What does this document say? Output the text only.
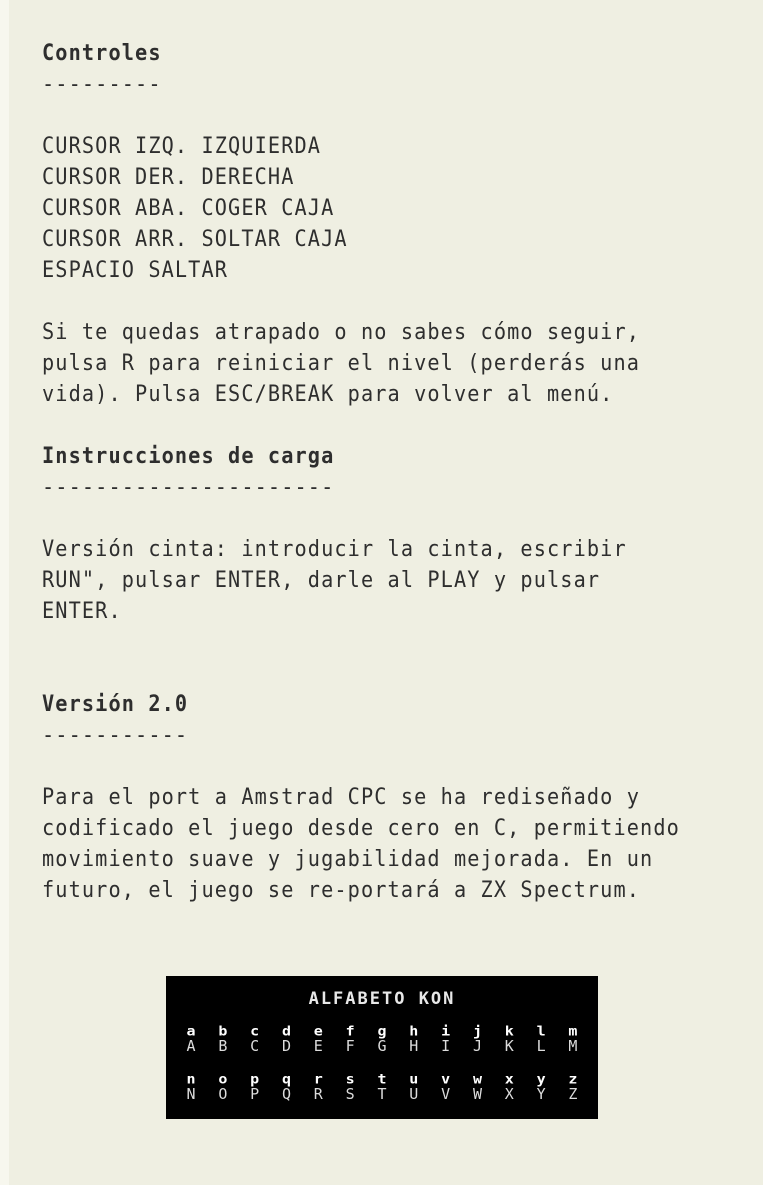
Controles
---------
CURSOR IZQ. IZQUIERDA
CURSOR DER. DERECHA
CURSOR ABA. COGER CAJA
CURSOR ARR. SOLTAR CAJA
ESPACIO SALTAR
Si te quedas atrapado o no sabes cómo seguir,
pulsa R para reiniciar el nivel (perderás una
vida). Pulsa ESC/BREAK para volver al menú.
Instrucciones de carga
----------------------
Versión cinta: introducir la cinta, escribir
RUN", pulsar ENTER, darle al PLAY y pulsar
ENTER.
Versión 2.0
-----------
Para el port a Amstrad CPC se ha rediseñado y
codificado el juego desde cero en C, permitiendo
movimiento suave y jugabilidad mejorada. En un
futuro, el juego se re-portará a ZX Spectrum.
ALFABETO KON
a
A
b
B
c
C
d
D
e
E
f
F
g
G
h
H
i
I
j
J
k
K
l
L
m
M
n
N
o
O
p
P
q
Q
r
R
s
S
t
T
u
U
v
V
w
W
x
X
y
Y
z
Z
